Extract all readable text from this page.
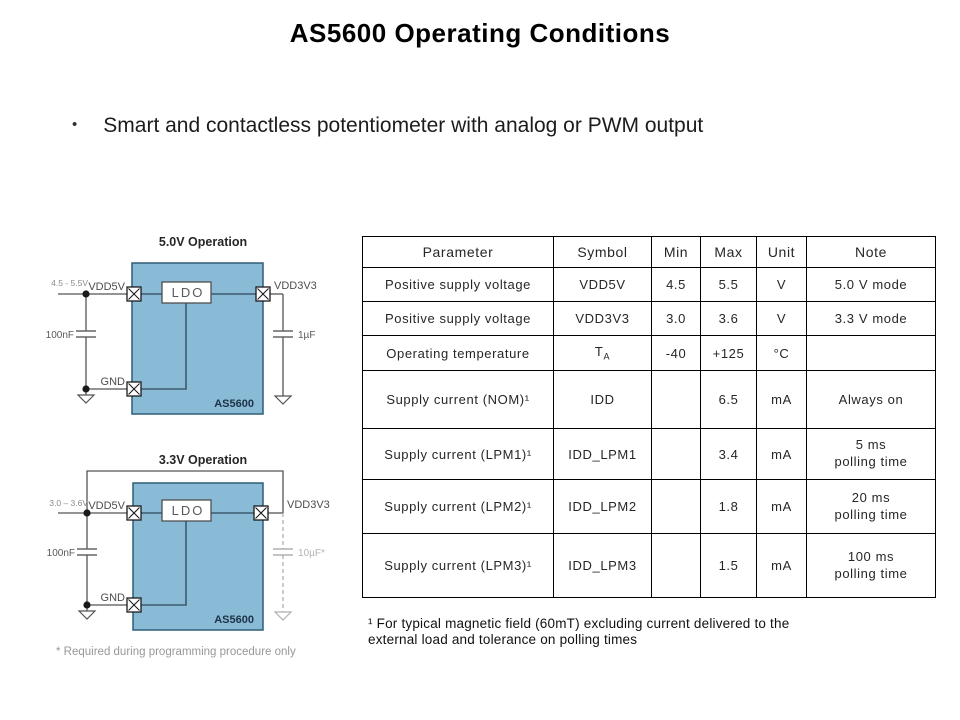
AS5600 Operating Conditions
• Smart and contactless potentiometer with analog or PWM output
5.0V Operation
LDO
4.5 - 5.5V VDD5V	VDD3V3
100nF	1µF
GND
AS5600
3.3V Operation
LDO
3.0 – 3.6V VDD5V	VDD3V3
100nF	10µF*
GND
AS5600
* Required during programming procedure only
Parameter	Symbol	Min	Max	Unit	Note
Positive supply voltage	VDD5V	4.5	5.5	V	5.0 V mode
Positive supply voltage	VDD3V3	3.0	3.6	V	3.3 V mode
Operating temperature	$T_A$	-40	+125	°C	
Supply current (NOM)¹	IDD		6.5	mA	Always on
Supply current (LPM1)¹	IDD_LPM1		3.4	mA	5 ms
polling time

Supply current (LPM2)¹	IDD_LPM2		1.8	mA	20 ms
polling time

Supply current (LPM3)¹	IDD_LPM3		1.5	mA	100 ms
polling time
¹ For typical magnetic field (60mT) excluding current delivered to the
external load and tolerance on polling times
